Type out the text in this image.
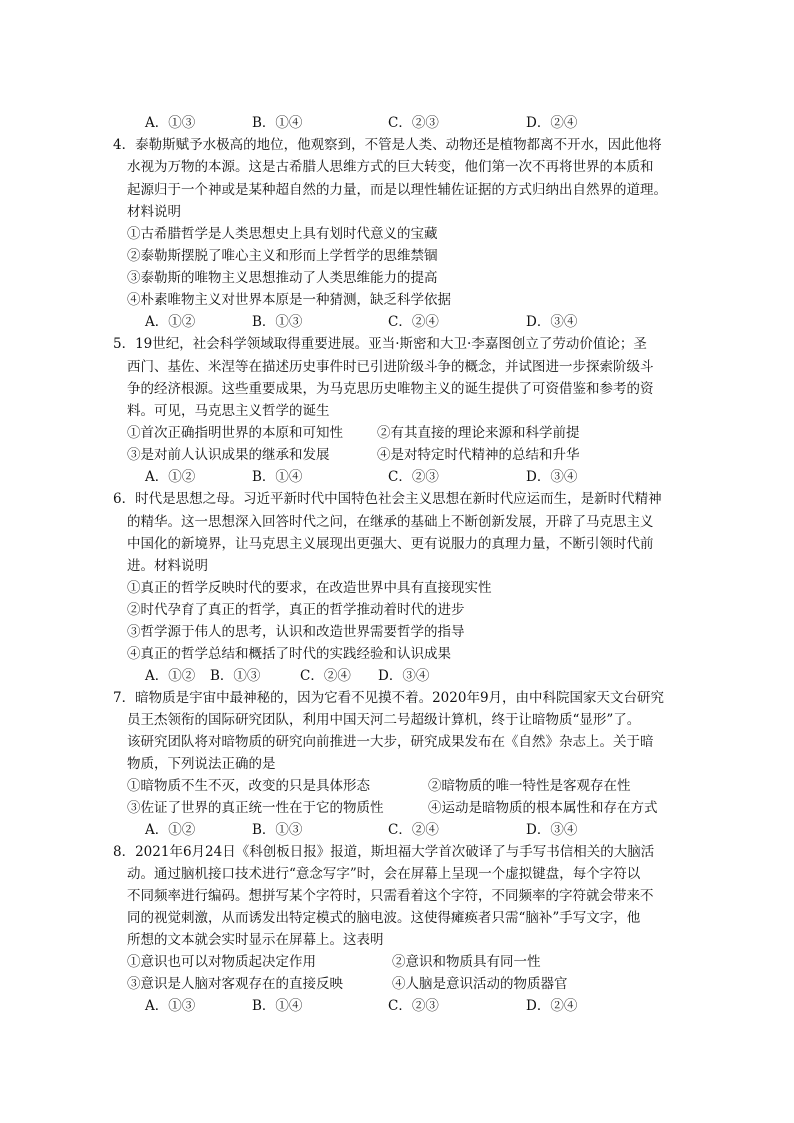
A．①③	B．①④	C．②③	D．②④
4．泰勒斯赋予水极高的地位，他观察到，不管是人类、动物还是植物都离不开水，因此他将
水视为万物的本源。这是古希腊人思维方式的巨大转变，他们第一次不再将世界的本质和
起源归于一个神或是某种超自然的力量，而是以理性辅佐证据的方式归纳出自然界的道理。
材料说明
①古希腊哲学是人类思想史上具有划时代意义的宝藏
②泰勒斯摆脱了唯心主义和形而上学哲学的思维禁锢
③泰勒斯的唯物主义思想推动了人类思维能力的提高
④朴素唯物主义对世界本原是一种猜测，缺乏科学依据
A．①②	B．①③	C．②④	D．③④
5．19世纪，社会科学领域取得重要进展。亚当·斯密和大卫·李嘉图创立了劳动价值论；圣
西门、基佐、米涅等在描述历史事件时已引进阶级斗争的概念，并试图进一步探索阶级斗
争的经济根源。这些重要成果，为马克思历史唯物主义的诞生提供了可资借鉴和参考的资
料。可见，马克思主义哲学的诞生
①首次正确指明世界的本原和可知性	②有其直接的理论来源和科学前提
③是对前人认识成果的继承和发展	④是对特定时代精神的总结和升华
A．①②	B．①④	C．②③	D．③④
6．时代是思想之母。习近平新时代中国特色社会主义思想在新时代应运而生，是新时代精神
的精华。这一思想深入回答时代之问，在继承的基础上不断创新发展，开辟了马克思主义
中国化的新境界，让马克思主义展现出更强大、更有说服力的真理力量，不断引领时代前
进。材料说明
①真正的哲学反映时代的要求，在改造世界中具有直接现实性
②时代孕育了真正的哲学，真正的哲学推动着时代的进步
③哲学源于伟人的思考，认识和改造世界需要哲学的指导
④真正的哲学总结和概括了时代的实践经验和认识成果
A．①② B．①③	C．②④ D．③④
7．暗物质是宇宙中最神秘的，因为它看不见摸不着。2020年9月，由中科院国家天文台研究
员王杰领衔的国际研究团队，利用中国天河二号超级计算机，终于让暗物质“显形”了。
该研究团队将对暗物质的研究向前推进一大步，研究成果发布在《自然》杂志上。关于暗
物质，下列说法正确的是
①暗物质不生不灭，改变的只是具体形态	②暗物质的唯一特性是客观存在性
③佐证了世界的真正统一性在于它的物质性	④运动是暗物质的根本属性和存在方式
A．①②	B．①③	C．②④	D．③④
8．2021年6月24日《科创板日报》报道，斯坦福大学首次破译了与手写书信相关的大脑活
动。通过脑机接口技术进行“意念写字”时，会在屏幕上呈现一个虚拟键盘，每个字符以
不同频率进行编码。想拼写某个字符时，只需看着这个字符，不同频率的字符就会带来不
同的视觉刺激，从而诱发出特定模式的脑电波。这使得瘫痪者只需“脑补”手写文字，他
所想的文本就会实时显示在屏幕上。这表明
①意识也可以对物质起决定作用	②意识和物质具有同一性
③意识是人脑对客观存在的直接反映	④人脑是意识活动的物质器官
A．①③	B．①④	C．②③	D．②④
